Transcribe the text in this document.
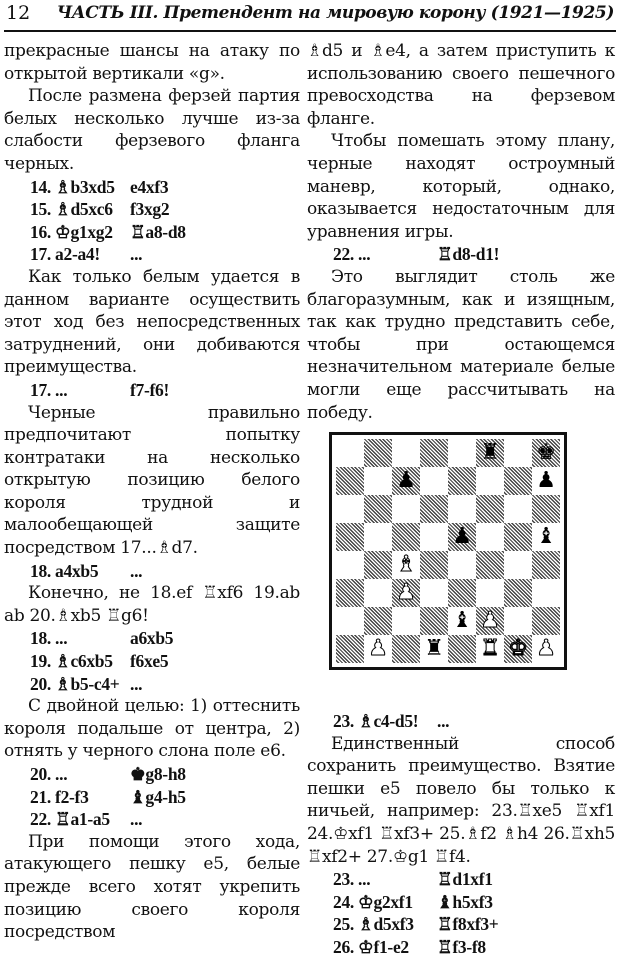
12 ЧАСТЬ III. Претендент на мировую корону (1921—1925)

прекрасные шансы на атаку по открытой вертикали «g».

После размена ферзей партия белых несколько лучше из-за слабости ферзевого фланга черных.

14. ♗b3xd5 e4xf3
15. ♗d5xc6 f3xg2
16. ♔g1xg2 ♖a8-d8
17. a2-a4! ...

Как только белым удается в данном варианте осуществить этот ход без непосредственных затруднений, они добиваются преимущества.

17. ...	f7-f6!

Черные правильно предпочитают попытку контратаки на несколько открытую позицию белого короля трудной и малообещающей защите посредством 17...♗d7.

18. a4xb5 ...

Конечно, не 18.ef ♖xf6 19.ab ab 20.♗xb5 ♖g6!

18. ...	a6xb5
19. ♗c6xb5 f6xe5
20. ♗b5-c4+ ...

С двойной целью: 1) оттеснить короля подальше от центра, 2) отнять у черного слона поле e6.

20. ...	♚g8-h8
21. f2-f3 ♝g4-h5
22. ♖a1-a5 ...

При помощи этого хода, атакующего пешку e5, белые прежде всего хотят укрепить позицию своего короля посредством

♗d5 и ♗e4, а затем приступить к использованию своего пешечного превосходства на ферзевом фланге.

Чтобы помешать этому плану, черные находят остроумный маневр, который, однако, оказывается недостаточным для уравнения игры.

22. ...	♖d8-d1!

Это выглядит столь же благоразумным, как и изящным, так как трудно представить себе, чтобы при остающемся незначительном материале белые могли еще рассчитывать на победу.

♜ ♚
♟	♟
♟	♝
♝
♟
♝ ♟
♟ ♜ ♜ ♚ ♟
23. ♗c4-d5! ...

Единственный способ сохранить преимущество. Взятие пешки e5 повело бы только к ничьей, например: 23.♖xe5 ♖xf1 24.♔xf1 ♖xf3+ 25.♗f2 ♗h4 26.♖xh5 ♖xf2+ 27.♔g1 ♖f4.

23. ...	♖d1xf1
24. ♔g2xf1 ♝h5xf3
25. ♗d5xf3 ♖f8xf3+
26. ♔f1-e2 ♖f3-f8
